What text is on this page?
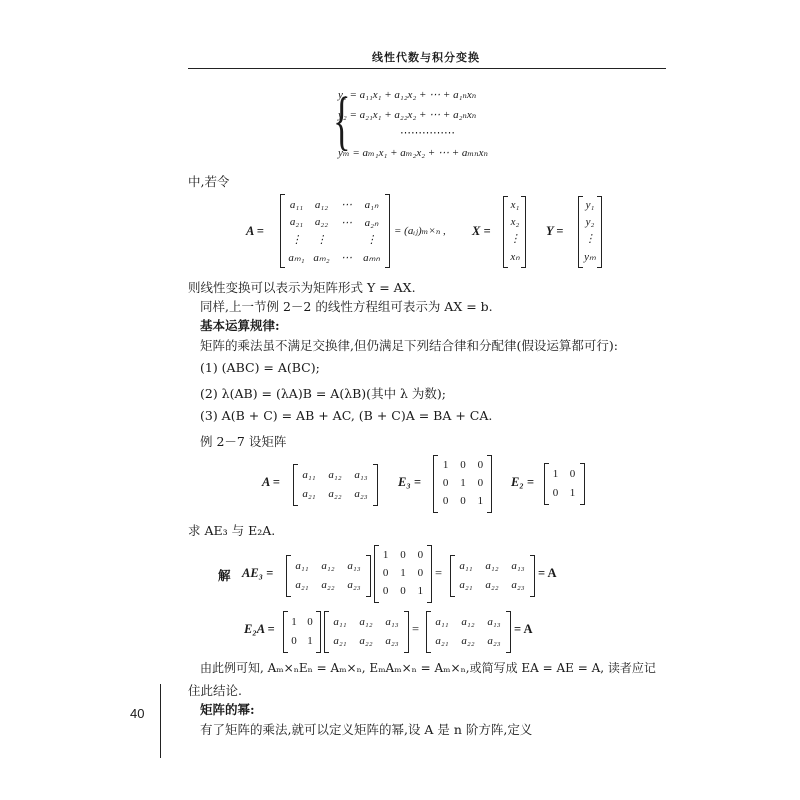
线性代数与积分变换
{
y₁ = a₁₁x₁ + a₁₂x₂ + ⋯ + a₁ₙxₙ
y₂ = a₂₁x₁ + a₂₂x₂ + ⋯ + a₂ₙxₙ
⋯⋯⋯⋯⋯
yₘ = aₘ₁x₁ + aₘ₂x₂ + ⋯ + aₘₙxₙ
中,若令
A =
a₁₁ a₁₂ ⋯ a₁ₙ
a₂₁ a₂₂ ⋯ a₂ₙ
⋮ ⋮	⋮
aₘ₁ aₘ₂ ⋯ aₘₙ
= (aᵢⱼ)ₘ×ₙ , X =
x₁
x₂
⋮
xₙ
Y =
y₁
y₂
⋮
yₘ
则线性变换可以表示为矩阵形式 Y = AX.
同样,上一节例 2－2 的线性方程组可表示为 AX = b.
基本运算规律:
矩阵的乘法虽不满足交换律,但仍满足下列结合律和分配律(假设运算都可行):
(1) (ABC) = A(BC);
(2) λ(AB) = (λA)B = A(λB)(其中 λ 为数);
(3) A(B + C) = AB + AC, (B + C)A = BA + CA.
例 2－7 设矩阵
A =
a₁₁ a₁₂ a₁₃
a₂₁ a₂₂ a₂₃
E₃ =
1 0 0
0 1 0
0 0 1
E₂ =
1 0
0 1
求 AE₃ 与 E₂A.
解 AE₃ =
a₁₁ a₁₂ a₁₃
a₂₁ a₂₂ a₂₃
1 0 0
0 1 0
0 0 1
=
a₁₁ a₁₂ a₁₃
a₂₁ a₂₂ a₂₃
= A
E₂A =
1 0
0 1
a₁₁ a₁₂ a₁₃
a₂₁ a₂₂ a₂₃
=
a₁₁ a₁₂ a₁₃
a₂₁ a₂₂ a₂₃
= A
由此例可知, Aₘ×ₙEₙ = Aₘ×ₙ, EₘAₘ×ₙ = Aₘ×ₙ,或简写成 EA = AE = A, 读者应记
住此结论.
矩阵的幂:
有了矩阵的乘法,就可以定义矩阵的幂,设 A 是 n 阶方阵,定义
40
